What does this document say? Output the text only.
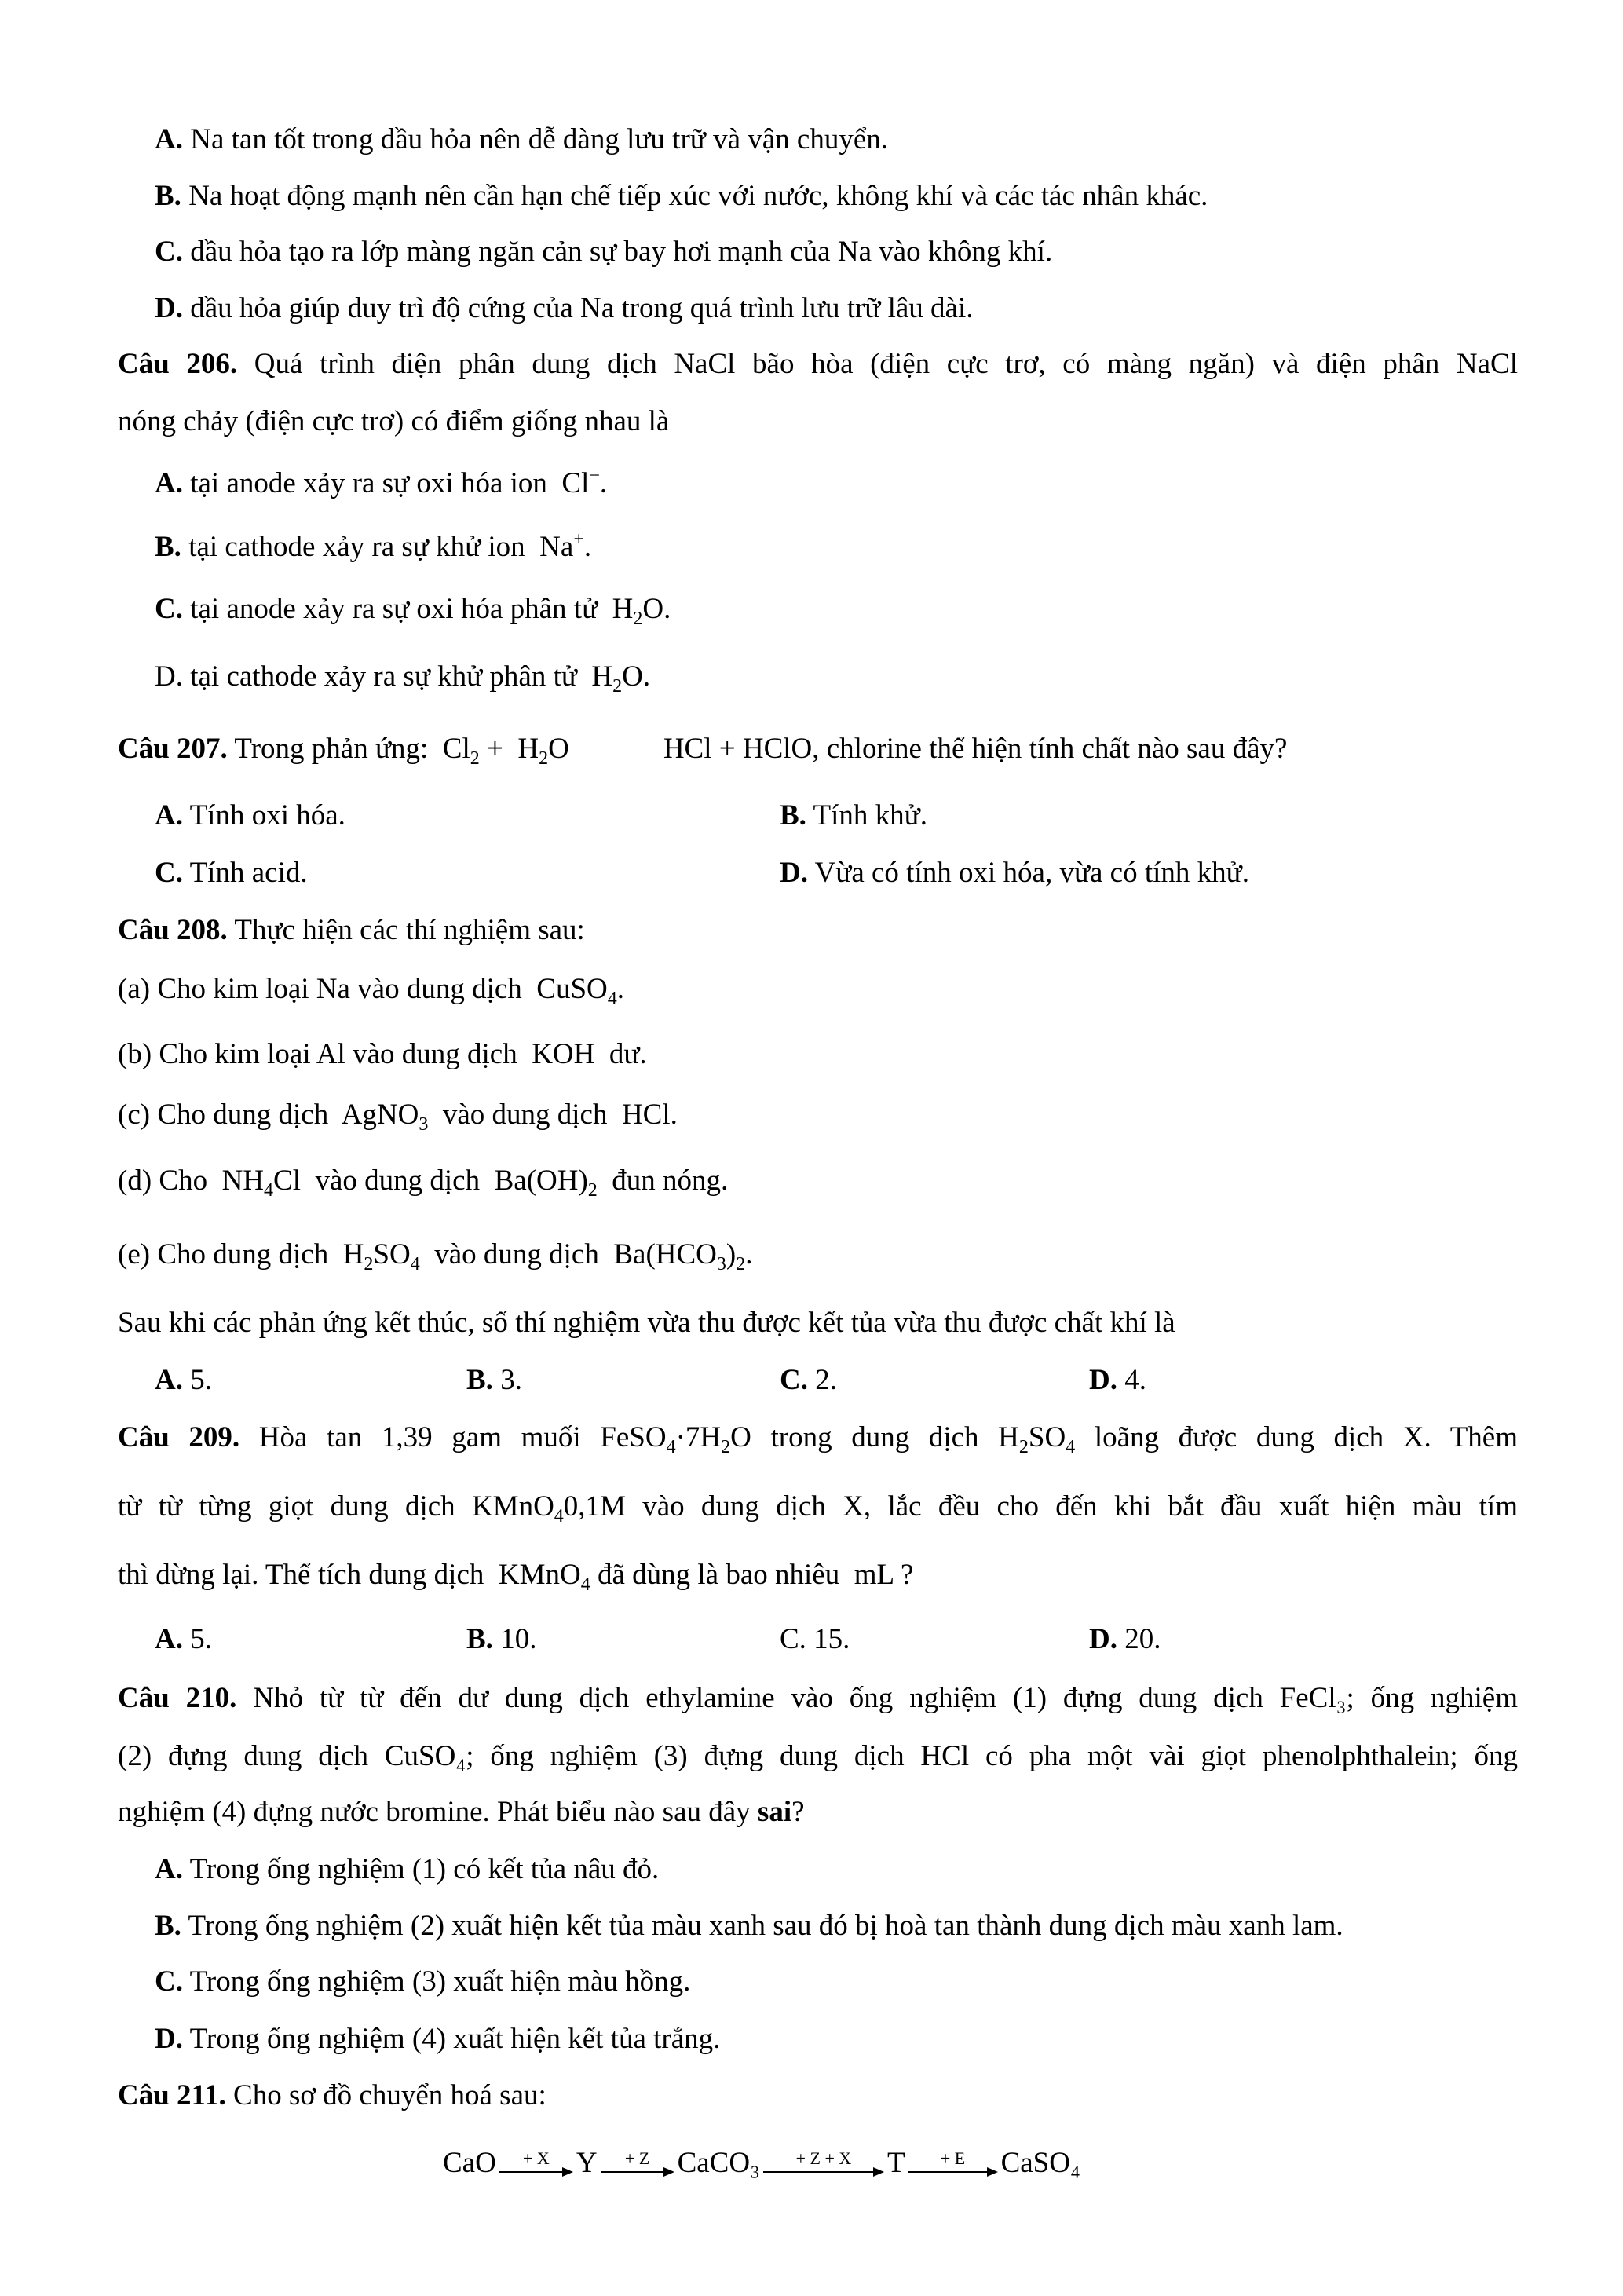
A. Na tan tốt trong dầu hỏa nên dễ dàng lưu trữ và vận chuyển.
B. Na hoạt động mạnh nên cần hạn chế tiếp xúc với nước, không khí và các tác nhân khác.
C. dầu hỏa tạo ra lớp màng ngăn cản sự bay hơi mạnh của Na vào không khí.
D. dầu hỏa giúp duy trì độ cứng của Na trong quá trình lưu trữ lâu dài.
Câu 206. Quá trình điện phân dung dịch NaCl bão hòa (điện cực trơ, có màng ngăn) và điện phân NaCl
nóng chảy (điện cực trơ) có điểm giống nhau là
A. tại anode xảy ra sự oxi hóa ion  Cl−.
B. tại cathode xảy ra sự khử ion  Na+.
C. tại anode xảy ra sự oxi hóa phân tử  $H_2O$.
D. tại cathode xảy ra sự khử phân tử  $H_2O$.
Câu 207. Trong phản ứng:  $Cl_2 + H_2O$	HCl + HClO, chlorine thể hiện tính chất nào sau đây?
A. Tính oxi hóa.	B. Tính khử.
C. Tính acid.	D. Vừa có tính oxi hóa, vừa có tính khử.
Câu 208. Thực hiện các thí nghiệm sau:
(a) Cho kim loại Na vào dung dịch  CuSO$_4$.
(b) Cho kim loại Al vào dung dịch  KOH  dư.
(c) Cho dung dịch  AgNO$_3$  vào dung dịch  HCl.
(d) Cho  $NH_4Cl$  vào dung dịch  $Ba(OH)_2$  đun nóng.
(e) Cho dung dịch  $H_2SO_4$  vào dung dịch  $Ba(HCO_3)_2$.
Sau khi các phản ứng kết thúc, số thí nghiệm vừa thu được kết tủa vừa thu được chất khí là
A. 5.	B. 3.	C. 2.	D. 4.
Câu 209. Hòa tan 1,39 gam muối $FeSO_4\cdot 7H_2O$ trong dung dịch $H_2SO_4$ loãng được dung dịch X. Thêm
từ từ từng giọt dung dịch KMnO$_4$0,1M vào dung dịch X, lắc đều cho đến khi bắt đầu xuất hiện màu tím
thì dừng lại. Thể tích dung dịch  KMnO$_4$ đã dùng là bao nhiêu  mL ?
A. 5.	B. 10.	C. 15.	D. 20.
Câu 210. Nhỏ từ từ đến dư dung dịch ethylamine vào ống nghiệm (1) đựng dung dịch FeCl₃; ống nghiệm
(2) đựng dung dịch CuSO₄; ống nghiệm (3) đựng dung dịch HCl có pha một vài giọt phenolphthalein; ống
nghiệm (4) đựng nước bromine. Phát biểu nào sau đây sai?
A. Trong ống nghiệm (1) có kết tủa nâu đỏ.
B. Trong ống nghiệm (2) xuất hiện kết tủa màu xanh sau đó bị hoà tan thành dung dịch màu xanh lam.
C. Trong ống nghiệm (3) xuất hiện màu hồng.
D. Trong ống nghiệm (4) xuất hiện kết tủa trắng.
Câu 211. Cho sơ đồ chuyển hoá sau:
CaO + X Y + Z CaCO₃ + Z + X T + E CaSO₄
